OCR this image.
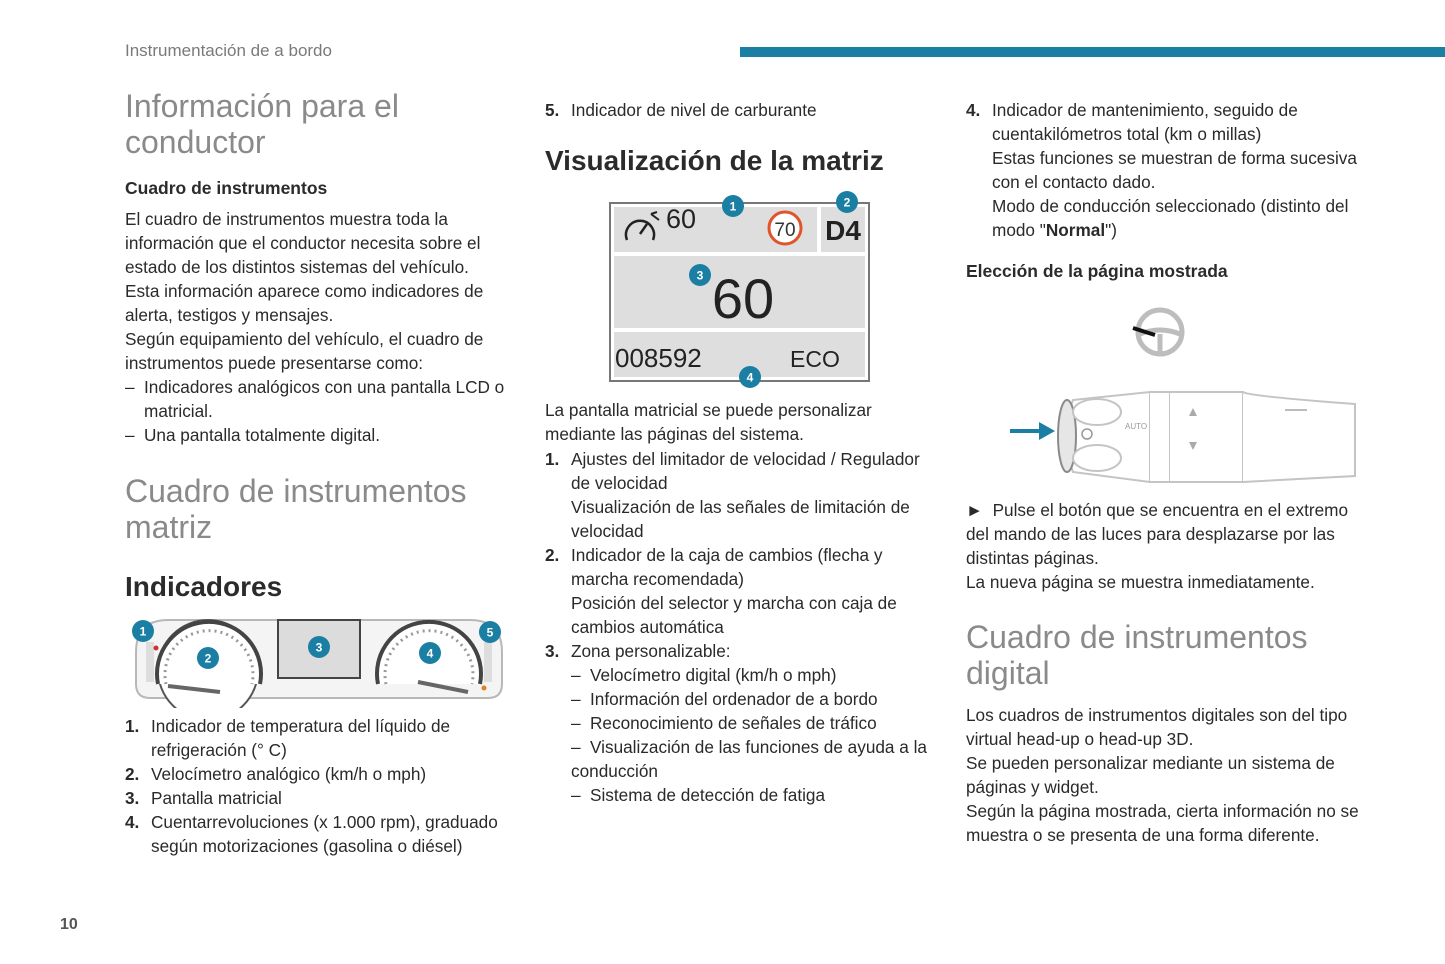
Instrumentación de a bordo
10
Información para el conductor
Cuadro de instrumentos

El cuadro de instrumentos muestra toda la información que el conductor necesita sobre el estado de los distintos sistemas del vehículo.

Esta información aparece como indicadores de alerta, testigos y mensajes.

Según equipamiento del vehículo, el cuadro de instrumentos puede presentarse como:

– Indicadores analógicos con una pantalla LCD o matricial.
– Una pantalla totalmente digital.
Cuadro de instrumentos matriz
Indicadores
1
2
3	4
5
1. Indicador de temperatura del líquido de refrigeración (° C)
2. Velocímetro analógico (km/h o mph)
3. Pantalla matricial
4. Cuentarrevoluciones (x 1.000 rpm), graduado según motorizaciones (gasolina o diésel)
5. Indicador de nivel de carburante
Visualización de la matriz
60	70 D4
60
008592	ECO
1	2
3
4

La pantalla matricial se puede personalizar mediante las páginas del sistema.

1. Ajustes del limitador de velocidad / Regulador de velocidad
Visualización de las señales de limitación de velocidad
2. Indicador de la caja de cambios (flecha y marcha recomendada)
Posición del selector y marcha con caja de cambios automática
3. Zona personalizable:
– Velocímetro digital (km/h o mph)
– Información del ordenador de a bordo
– Reconocimiento de señales de tráfico
– Visualización de las funciones de ayuda a la conducción
– Sistema de detección de fatiga
4. Indicador de mantenimiento, seguido de cuentakilómetros total (km o millas)
Estas funciones se muestran de forma sucesiva con el contacto dado.
Modo de conducción seleccionado (distinto del modo "Normal")
Elección de la página mostrada
AUTO

► Pulse el botón que se encuentra en el extremo del mando de las luces para desplazarse por las distintas páginas.

La nueva página se muestra inmediatamente.

Cuadro de instrumentos digital

Los cuadros de instrumentos digitales son del tipo virtual head-up o head-up 3D.

Se pueden personalizar mediante un sistema de páginas y widget.

Según la página mostrada, cierta información no se muestra o se presenta de una forma diferente.
